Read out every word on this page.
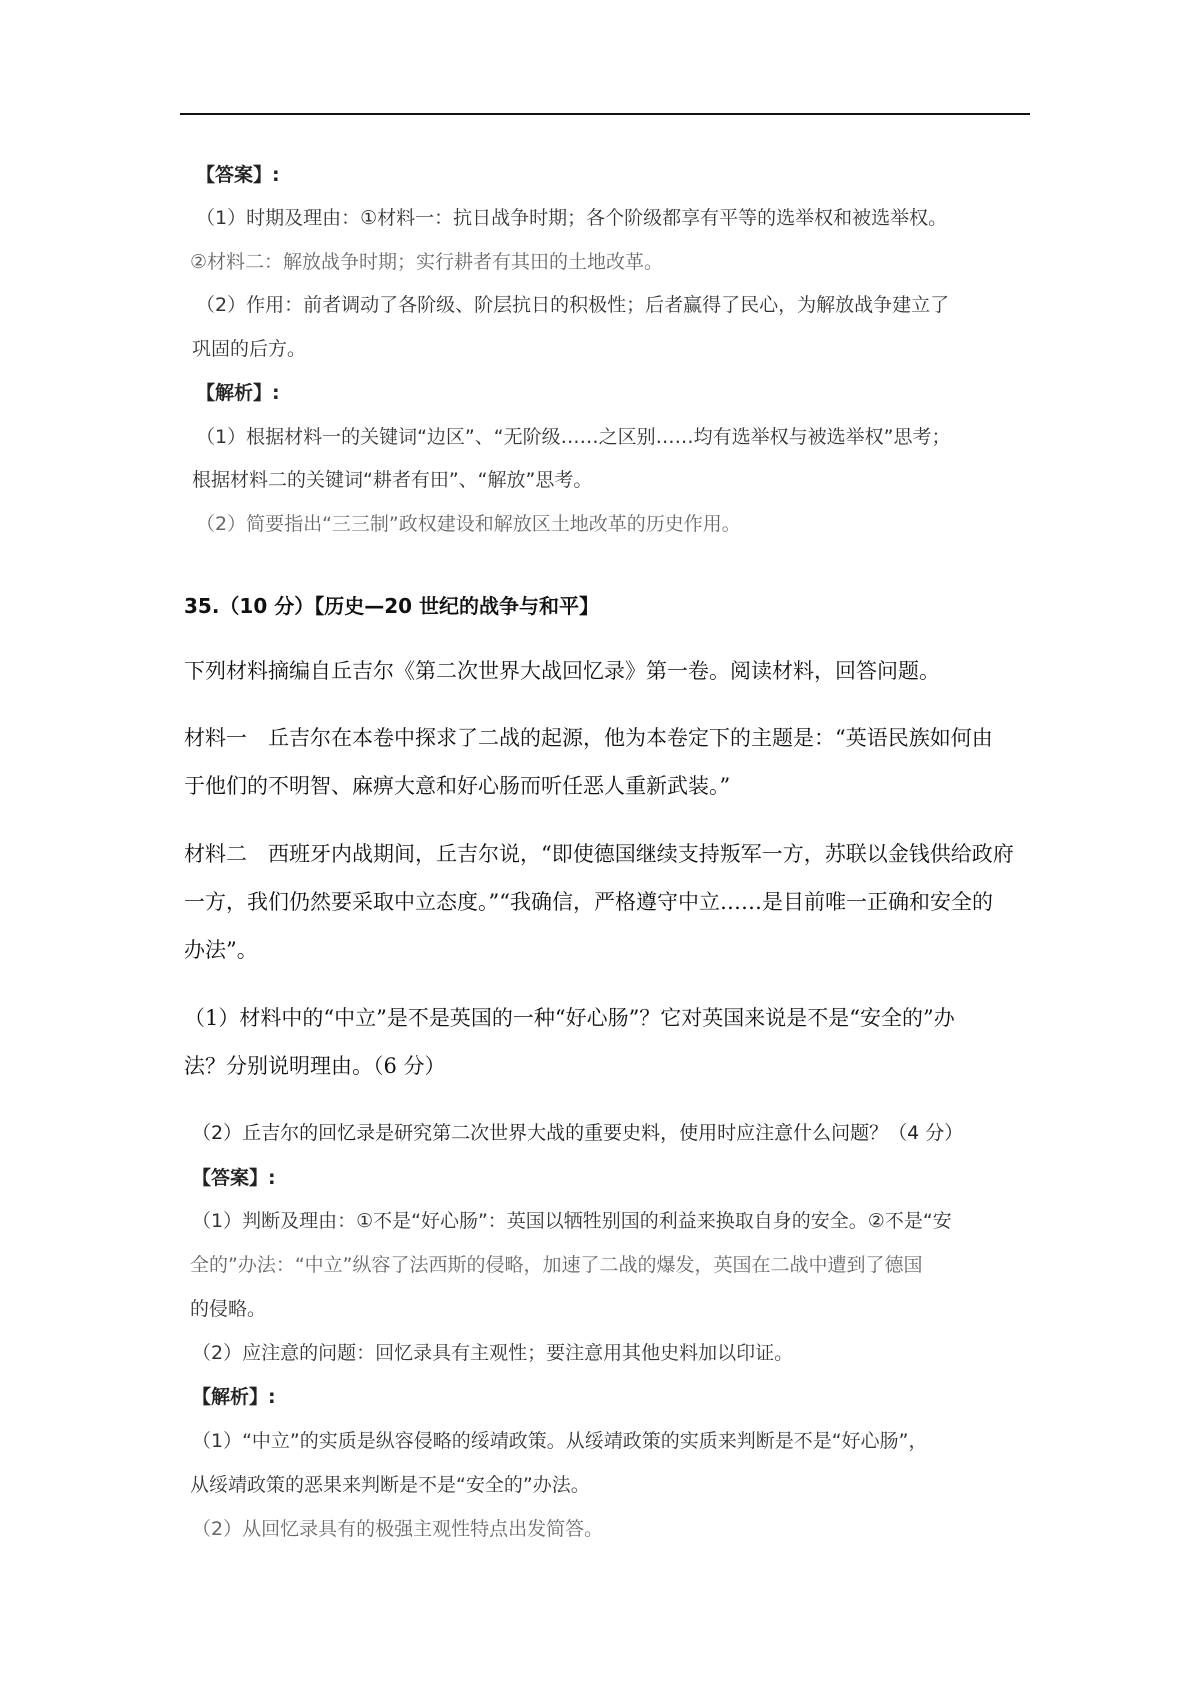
【答案】:
（1）时期及理由：①材料一：抗日战争时期；各个阶级都享有平等的选举权和被选举权。
②材料二：解放战争时期；实行耕者有其田的土地改革。
（2）作用：前者调动了各阶级、阶层抗日的积极性；后者赢得了民心，为解放战争建立了
巩固的后方。
【解析】:
（1）根据材料一的关键词“边区”、“无阶级……之区别……均有选举权与被选举权”思考；
根据材料二的关键词“耕者有田”、“解放”思考。
（2）简要指出“三三制”政权建设和解放区土地改革的历史作用。
35.（10 分）【历史—20 世纪的战争与和平】
下列材料摘编自丘吉尔《第二次世界大战回忆录》第一卷。阅读材料，回答问题。
材料一　丘吉尔在本卷中探求了二战的起源，他为本卷定下的主题是：“英语民族如何由
于他们的不明智、麻痹大意和好心肠而听任恶人重新武装。”
材料二　西班牙内战期间，丘吉尔说，“即使德国继续支持叛军一方，苏联以金钱供给政府
一方，我们仍然要采取中立态度。”“我确信，严格遵守中立……是目前唯一正确和安全的
办法”。
（1）材料中的“中立”是不是英国的一种“好心肠”？它对英国来说是不是“安全的”办
法？分别说明理由。（6 分）
（2）丘吉尔的回忆录是研究第二次世界大战的重要史料，使用时应注意什么问题？（4 分）
【答案】:
（1）判断及理由：①不是“好心肠”：英国以牺牲别国的利益来换取自身的安全。②不是“安
全的”办法：“中立”纵容了法西斯的侵略，加速了二战的爆发，英国在二战中遭到了德国
的侵略。
（2）应注意的问题：回忆录具有主观性；要注意用其他史料加以印证。
【解析】:
（1）“中立”的实质是纵容侵略的绥靖政策。从绥靖政策的实质来判断是不是“好心肠”，
从绥靖政策的恶果来判断是不是“安全的”办法。
（2）从回忆录具有的极强主观性特点出发简答。
